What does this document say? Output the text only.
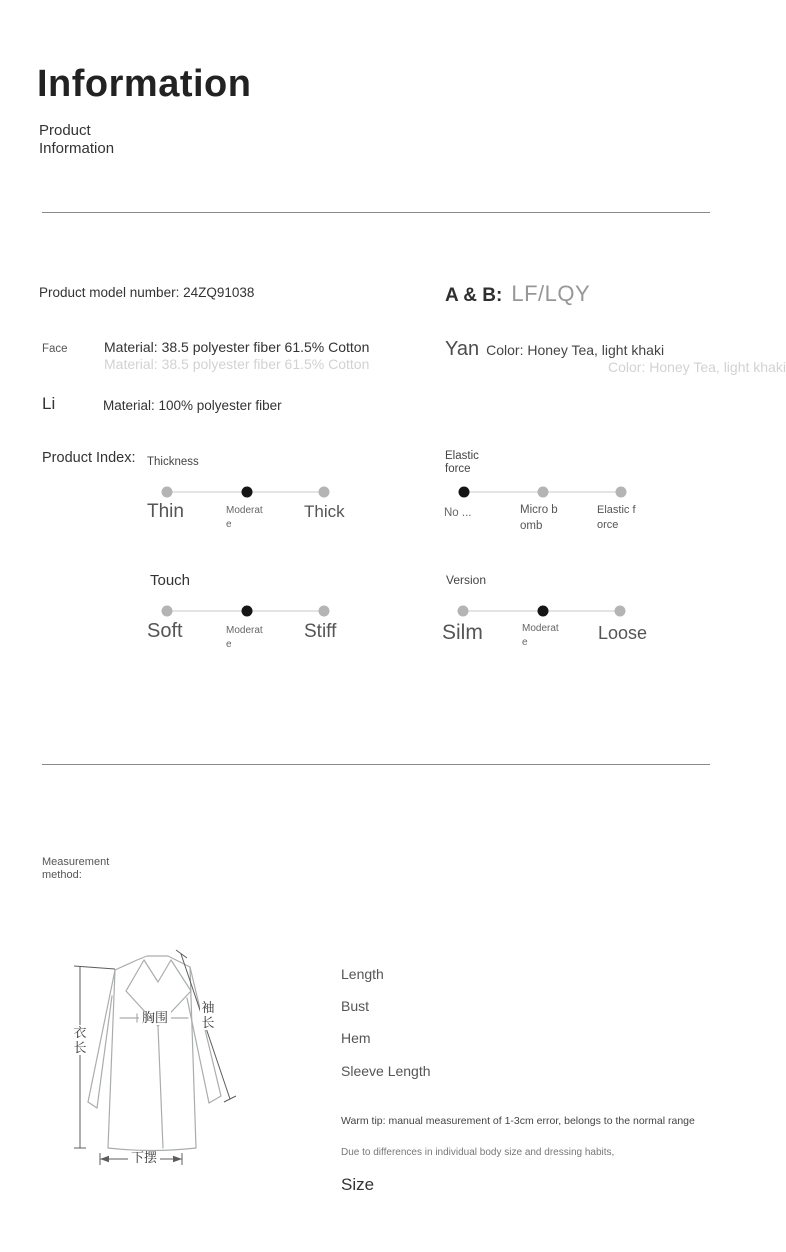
Information
Product
Information
Product model number: 24ZQ91038	A & B: LF/LQY
Face	Material: 38.5 polyester fiber 61.5% Cotton
Material: 38.5 polyester fiber 61.5% Cotton
Yan Color: Honey Tea, light khaki
Color: Honey Tea, light khaki
Li	Material: 100% polyester fiber
Product Index: Thickness
Thin	Moderate
Thick
Elastic
force
No ...	Micro bomb
Elastic force
Touch
Soft	Moderate
Stiff
Version
Silm	Moderate	Loose
Measurement
method:
衣长
袖长
胸围
下摆
Length
Bust
Hem
Sleeve Length
Warm tip: manual measurement of 1-3cm error, belongs to the normal range
Due to differences in individual body size and dressing habits,
Size
